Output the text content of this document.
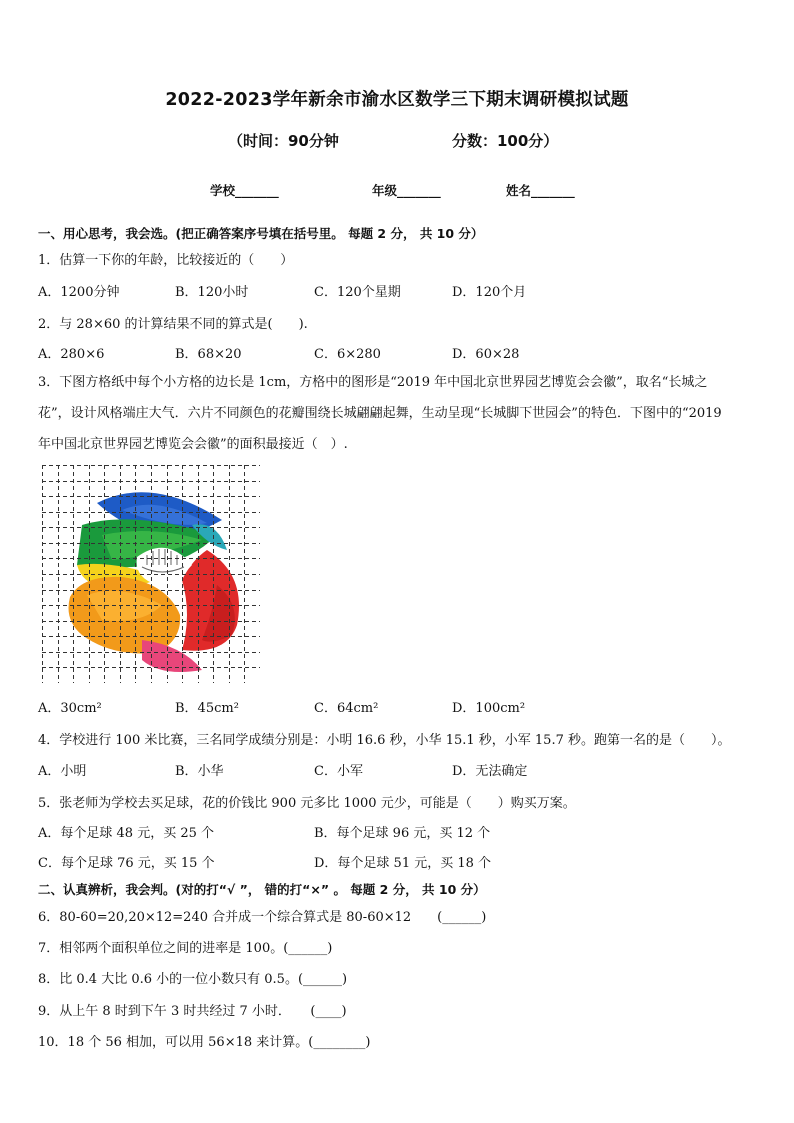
2022-2023学年新余市渝水区数学三下期末调研模拟试题
（时间：90分钟	分数：100分）
学校_______	年级_______	姓名_______
一、用心思考，我会选。(把正确答案序号填在括号里。 每题 2 分， 共 10 分）
1．估算一下你的年龄，比较接近的（　　）
A．1200分钟	B．120小时	C．120个星期	D．120个月
2．与 28×60 的计算结果不同的算式是(　　).
A．280×6	B．68×20	C．6×280	D．60×28
3．下图方格纸中每个小方格的边长是 1cm，方格中的图形是“2019 年中国北京世界园艺博览会会徽”，取名“长城之
花”，设计风格端庄大气．六片不同颜色的花瓣围绕长城翩翩起舞，生动呈现“长城脚下世园会”的特色．下图中的“2019
年中国北京世界园艺博览会会徽”的面积最接近（　）.
A．30cm²	B．45cm²	C．64cm²	D．100cm²
4．学校进行 100 米比赛，三名同学成绩分别是：小明 16.6 秒，小华 15.1 秒，小军 15.7 秒。跑第一名的是（　　）。
A．小明	B．小华	C．小军	D．无法确定
5．张老师为学校去买足球，花的价钱比 900 元多比 1000 元少，可能是（　　）购买万案。
A．每个足球 48 元，买 25 个	B．每个足球 96 元，买 12 个
C．每个足球 76 元，买 15 个	D．每个足球 51 元，买 18 个
二、认真辨析，我会判。(对的打“√ ”， 错的打“×” 。 每题 2 分， 共 10 分）
6．80-60=20,20×12=240 合并成一个综合算式是 80-60×12　　(______)
7．相邻两个面积单位之间的进率是 100。(______)
8．比 0.4 大比 0.6 小的一位小数只有 0.5。(______)
9．从上午 8 时到下午 3 时共经过 7 小时．　　(____)
10．18 个 56 相加，可以用 56×18 来计算。(________)
